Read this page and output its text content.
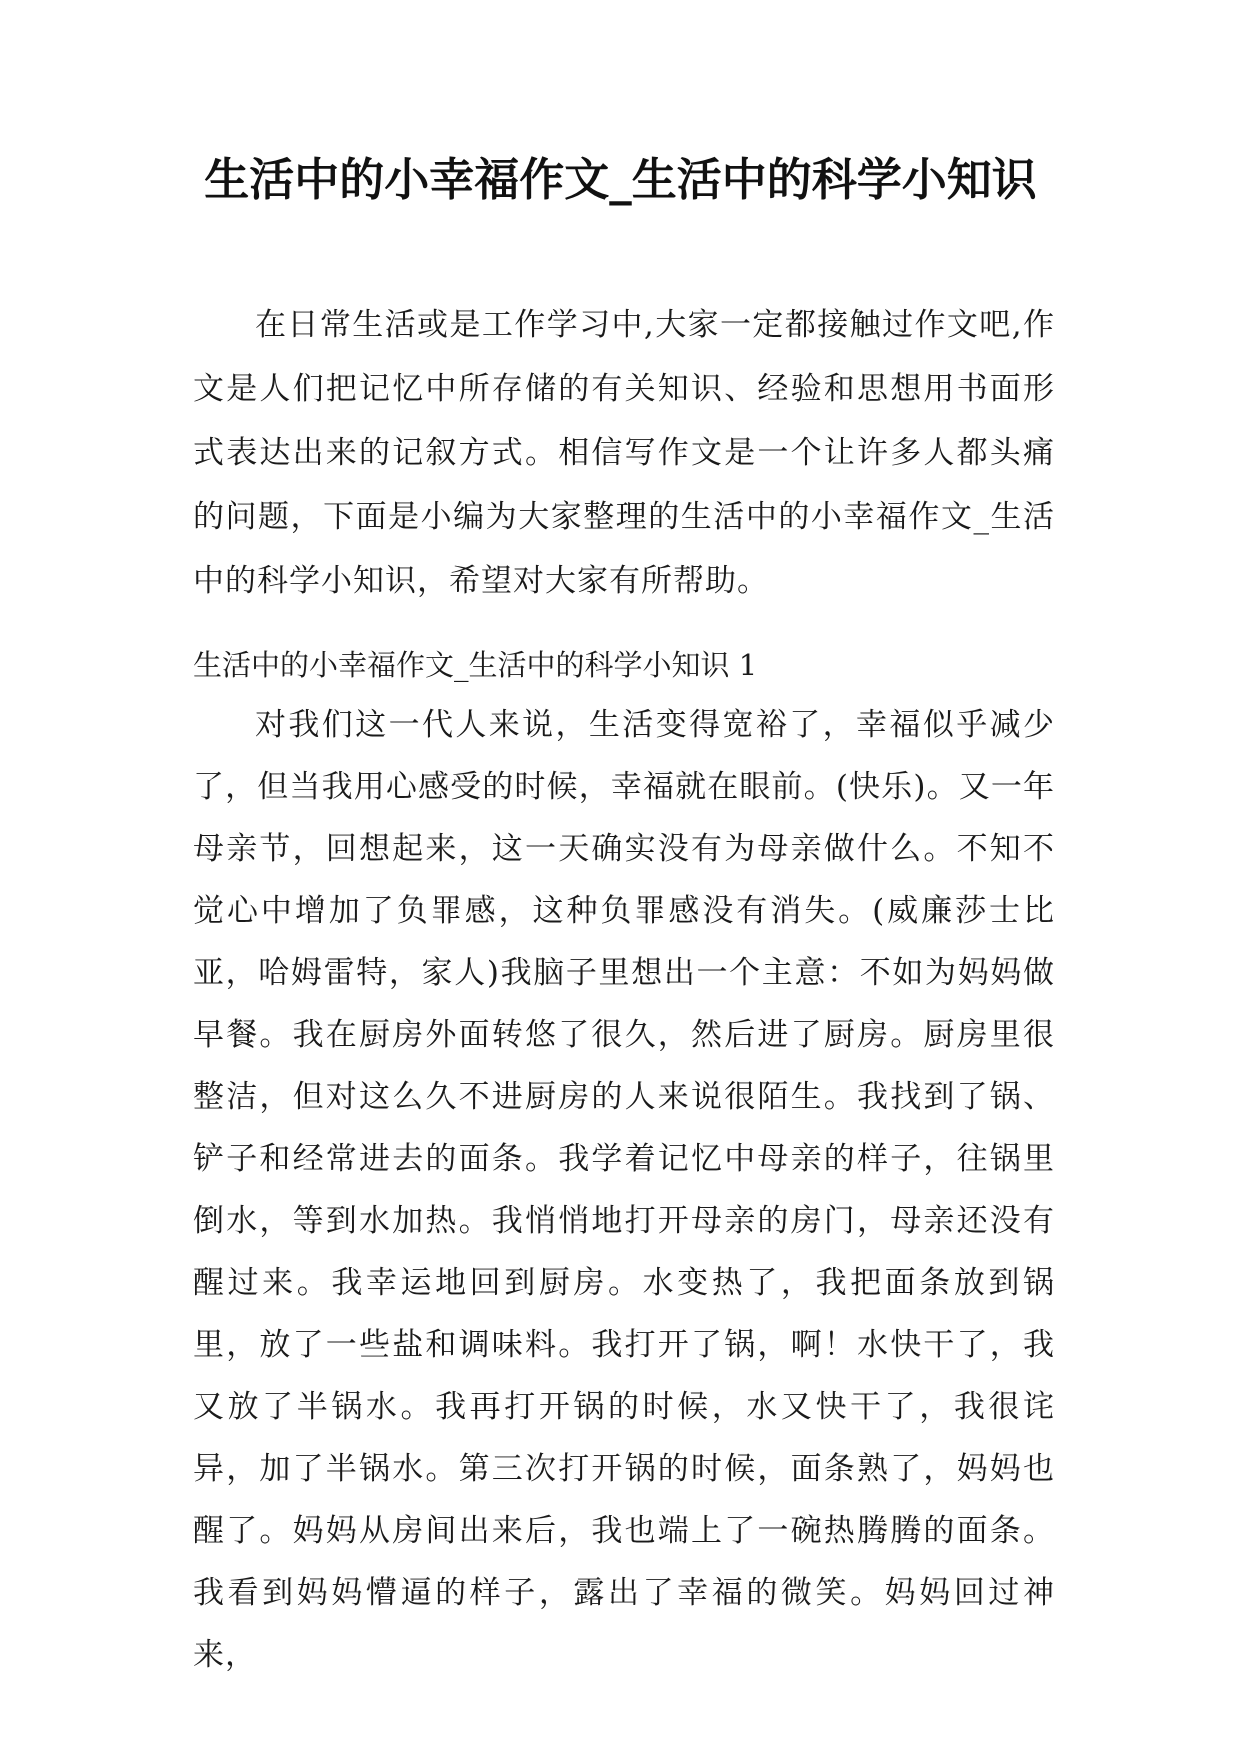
生活中的小幸福作文_生活中的科学小知识

在日常生活或是工作学习中,大家一定都接触过作文吧,作文是人们把记忆中所存储的有关知识、经验和思想用书面形式表达出来的记叙方式。相信写作文是一个让许多人都头痛的问题，下面是小编为大家整理的生活中的小幸福作文_生活中的科学小知识，希望对大家有所帮助。

生活中的小幸福作文_生活中的科学小知识 1

对我们这一代人来说，生活变得宽裕了，幸福似乎减少了，但当我用心感受的时候，幸福就在眼前。(快乐)。又一年母亲节，回想起来，这一天确实没有为母亲做什么。不知不觉心中增加了负罪感，这种负罪感没有消失。(威廉莎士比亚，哈姆雷特，家人)我脑子里想出一个主意：不如为妈妈做早餐。我在厨房外面转悠了很久，然后进了厨房。厨房里很整洁，但对这么久不进厨房的人来说很陌生。我找到了锅、铲子和经常进去的面条。我学着记忆中母亲的样子，往锅里倒水，等到水加热。我悄悄地打开母亲的房门，母亲还没有醒过来。我幸运地回到厨房。水变热了，我把面条放到锅里，放了一些盐和调味料。我打开了锅，啊！水快干了，我又放了半锅水。我再打开锅的时候，水又快干了，我很诧异，加了半锅水。第三次打开锅的时候，面条熟了，妈妈也醒了。妈妈从房间出来后，我也端上了一碗热腾腾的面条。我看到妈妈懵逼的样子，露出了幸福的微笑。妈妈回过神来，
